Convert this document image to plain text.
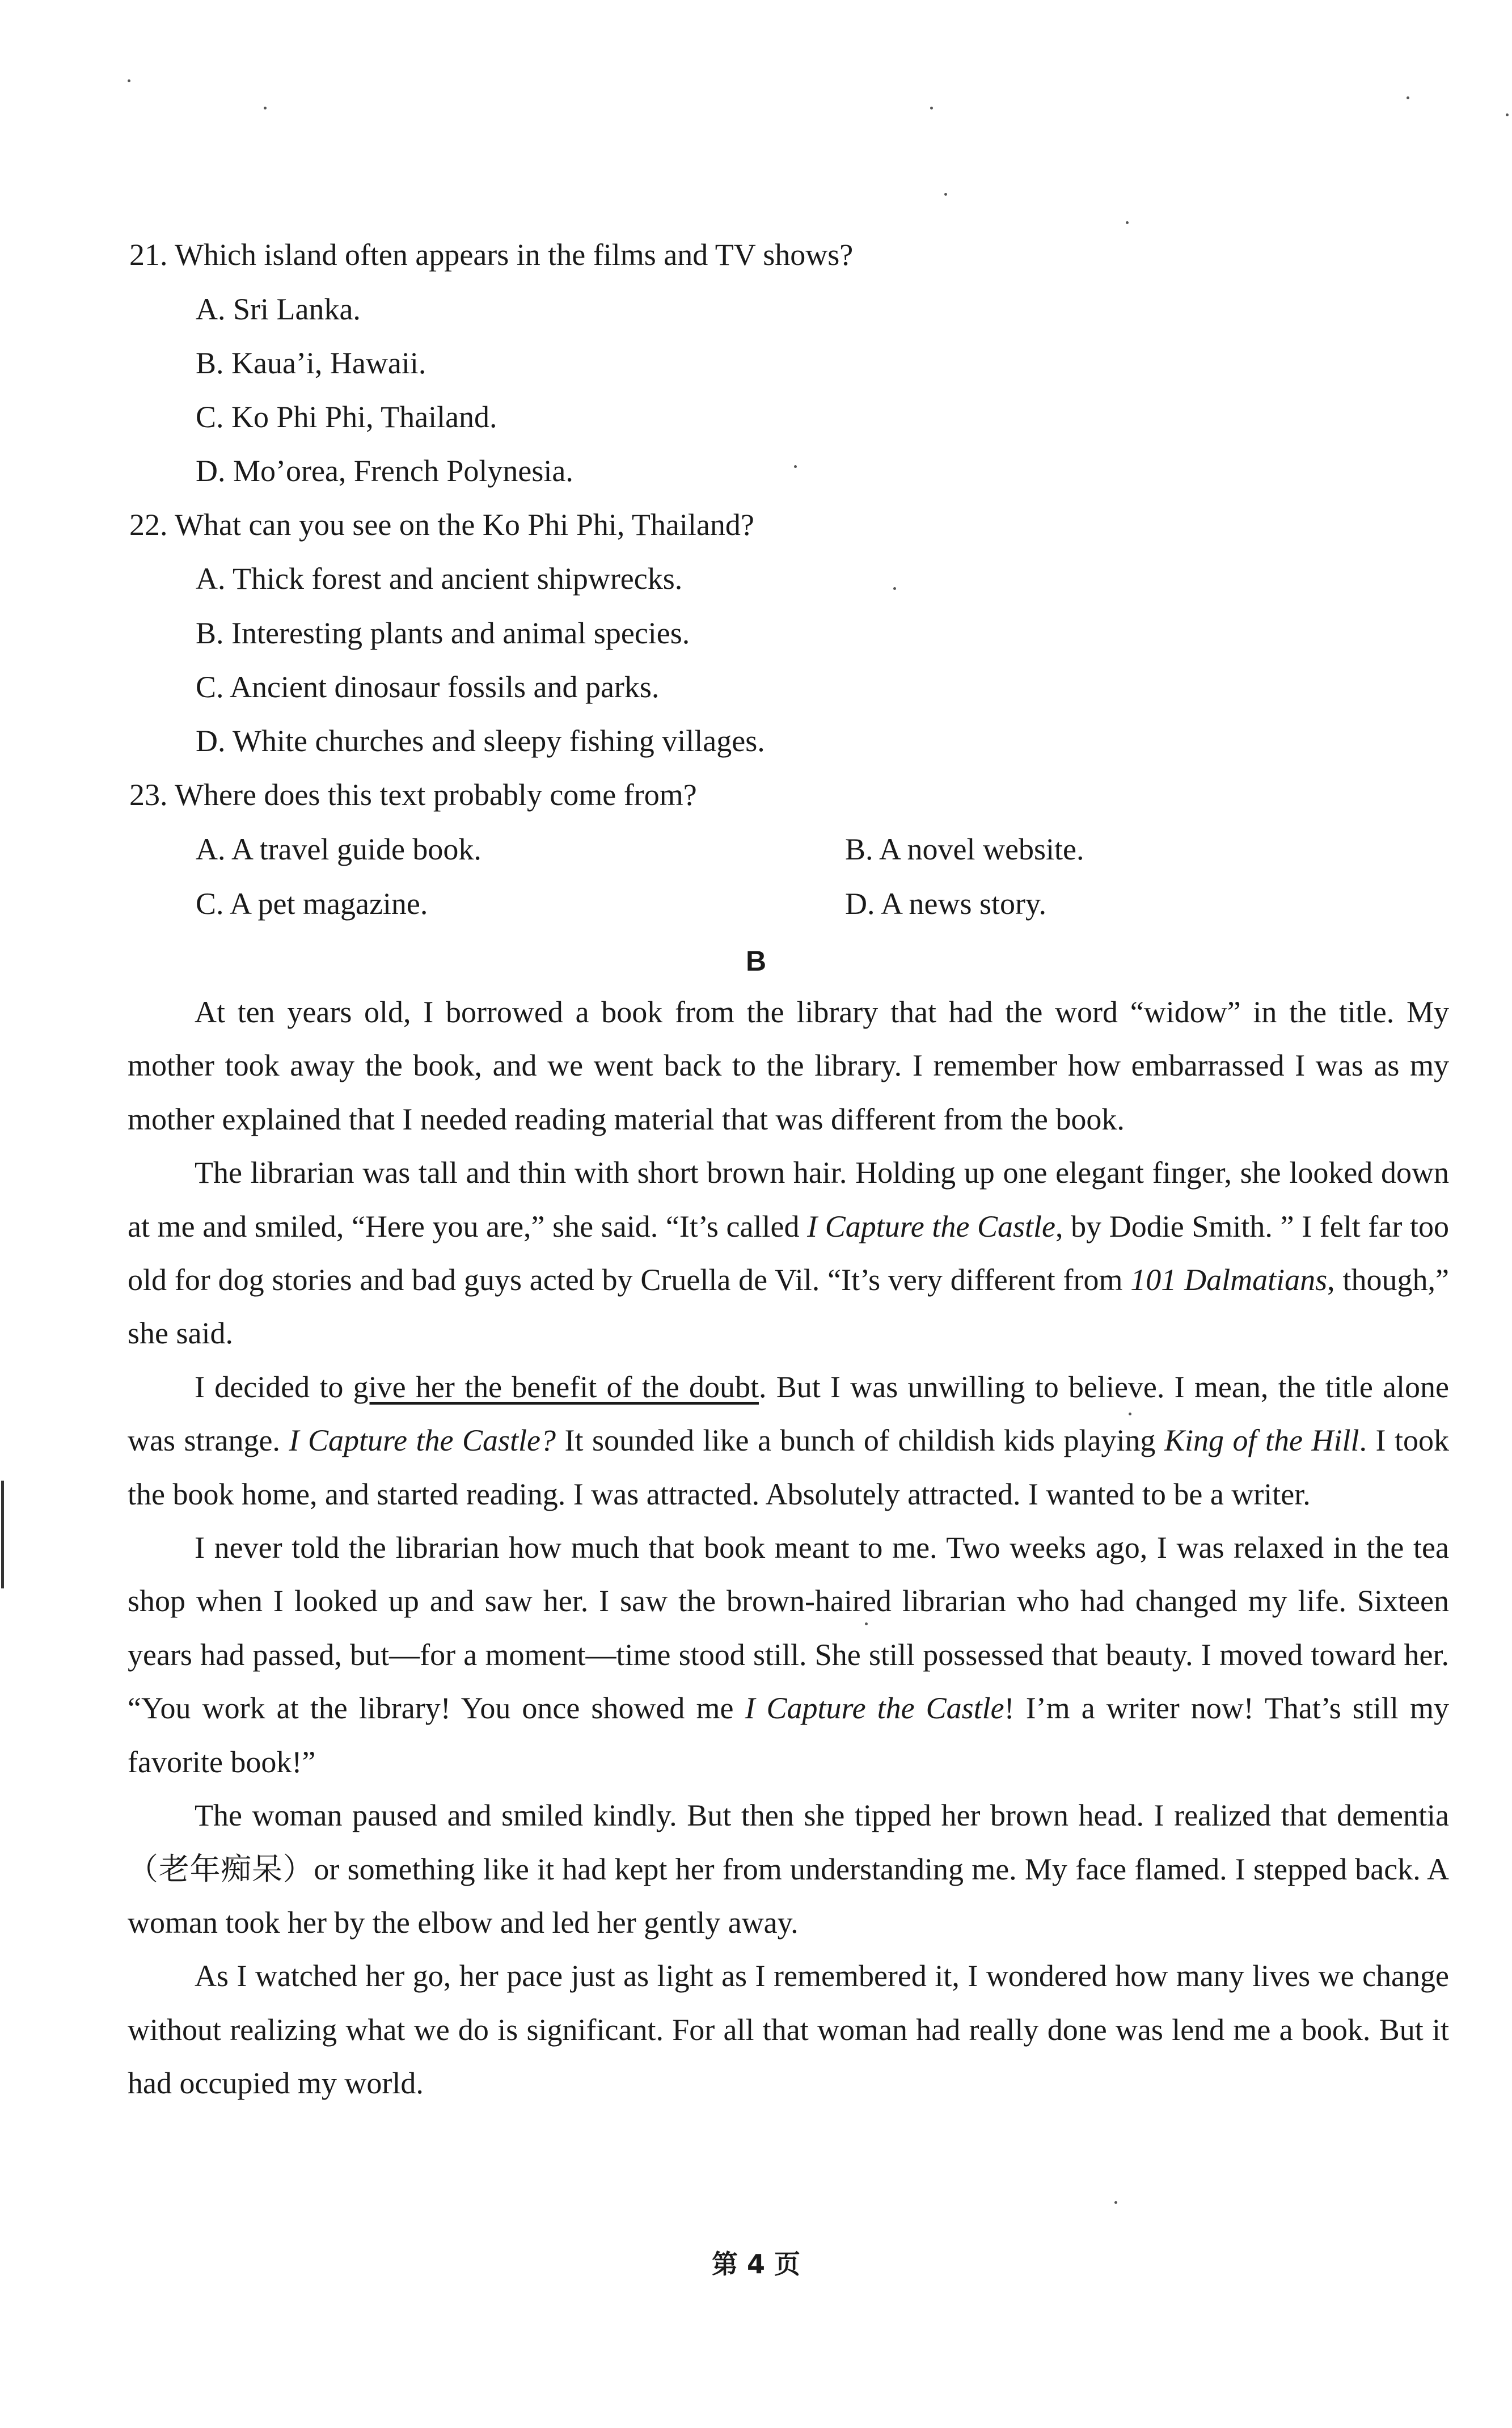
21. Which island often appears in the films and TV shows?
A. Sri Lanka.
B. Kaua’i, Hawaii.
C. Ko Phi Phi, Thailand.
D. Mo’orea, French Polynesia.
22. What can you see on the Ko Phi Phi, Thailand?
A. Thick forest and ancient shipwrecks.
B. Interesting plants and animal species.
C. Ancient dinosaur fossils and parks.
D. White churches and sleepy fishing villages.
23. Where does this text probably come from?
A. A travel guide book.	B. A novel website.
C. A pet magazine.	D. A news story.
B

At ten years old, I borrowed a book from the library that had the word “widow” in the title. My mother took away the book, and we went back to the library. I remember how embarrassed I was as my mother explained that I needed reading material that was different from the book.

The librarian was tall and thin with short brown hair. Holding up one elegant finger, she looked down at me and smiled, “Here you are,” she said. “It’s called I Capture the Castle, by Dodie Smith. ” I felt far too old for dog stories and bad guys acted by Cruella de Vil. “It’s very different from 101 Dalmatians, though,” she said.

I decided to give her the benefit of the doubt. But I was unwilling to believe. I mean, the title alone was strange. I Capture the Castle? It sounded like a bunch of childish kids playing King of the Hill. I took the book home, and started reading. I was attracted. Absolutely attracted. I wanted to be a writer.

I never told the librarian how much that book meant to me. Two weeks ago, I was relaxed in the tea shop when I looked up and saw her. I saw the brown-haired librarian who had changed my life. Sixteen years had passed, but—for a moment—time stood still. She still possessed that beauty. I moved toward her. “You work at the library! You once showed me I Capture the Castle! I’m a writer now! That’s still my favorite book!”

The woman paused and smiled kindly. But then she tipped her brown head. I realized that dementia（老年痴呆）or something like it had kept her from understanding me. My face flamed. I stepped back. A woman took her by the elbow and led her gently away.

As I watched her go, her pace just as light as I remembered it, I wondered how many lives we change without realizing what we do is significant. For all that woman had really done was lend me a book. But it had occupied my world.

第 4 页
